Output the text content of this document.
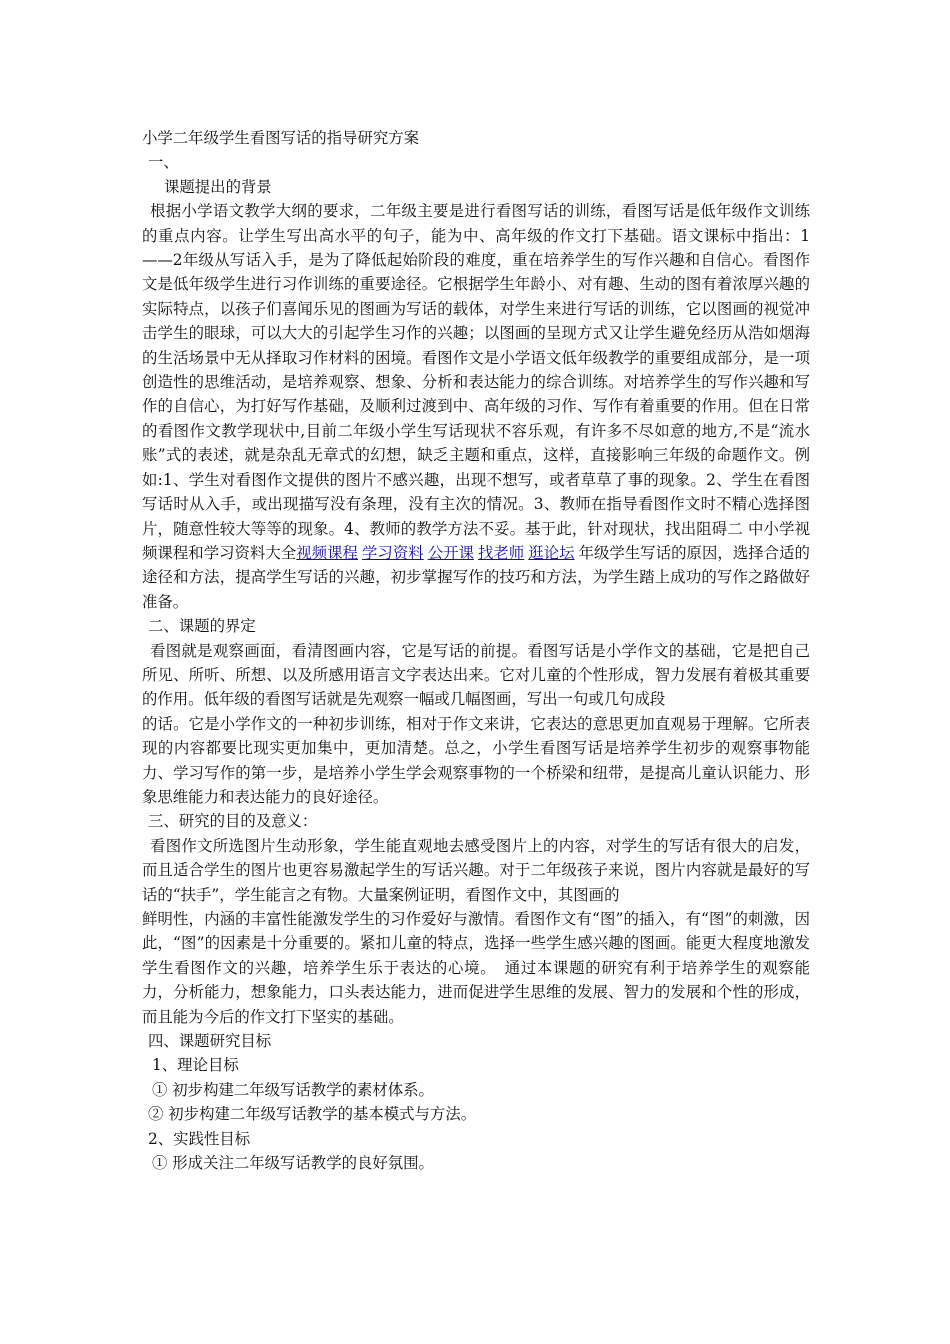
小学二年级学生看图写话的指导研究方案
一、
课题提出的背景

根据小学语文教学大纲的要求，二年级主要是进行看图写话的训练，看图写话是低年级作文训练的重点内容。让学生写出高水平的句子，能为中、高年级的作文打下基础。语文课标中指出：1——2年级从写话入手，是为了降低起始阶段的难度，重在培养学生的写作兴趣和自信心。看图作文是低年级学生进行习作训练的重要途径。它根据学生年龄小、对有趣、生动的图有着浓厚兴趣的实际特点，以孩子们喜闻乐见的图画为写话的载体，对学生来进行写话的训练，它以图画的视觉冲击学生的眼球，可以大大的引起学生习作的兴趣；以图画的呈现方式又让学生避免经历从浩如烟海的生活场景中无从择取习作材料的困境。看图作文是小学语文低年级教学的重要组成部分，是一项创造性的思维活动，是培养观察、想象、分析和表达能力的综合训练。对培养学生的写作兴趣和写作的自信心，为打好写作基础，及顺利过渡到中、高年级的习作、写作有着重要的作用。但在日常的看图作文教学现状中,目前二年级小学生写话现状不容乐观，有许多不尽如意的地方,不是“流水账”式的表述，就是杂乱无章式的幻想，缺乏主题和重点，这样，直接影响三年级的命题作文。例如:1、学生对看图作文提供的图片不感兴趣，出现不想写，或者草草了事的现象。2、学生在看图写话时从入手，或出现描写没有条理，没有主次的情况。3、教师在指导看图作文时不精心选择图片，随意性较大等等的现象。4、教师的教学方法不妥。基于此，针对现状，找出阻碍二 中小学视频课程和学习资料大全视频课程 学习资料 公开课 找老师 逛论坛 年级学生写话的原因，选择合适的途径和方法，提高学生写话的兴趣，初步掌握写作的技巧和方法，为学生踏上成功的写作之路做好准备。

二、课题的界定

看图就是观察画面，看清图画内容，它是写话的前提。看图写话是小学作文的基础，它是把自己所见、所听、所想、以及所感用语言文字表达出来。它对儿童的个性形成，智力发展有着极其重要的作用。低年级的看图写话就是先观察一幅或几幅图画，写出一句或几句成段

的话。它是小学作文的一种初步训练，相对于作文来讲，它表达的意思更加直观易于理解。它所表现的内容都要比现实更加集中，更加清楚。总之，小学生看图写话是培养学生初步的观察事物能力、学习写作的第一步，是培养小学生学会观察事物的一个桥梁和纽带，是提高儿童认识能力、形象思维能力和表达能力的良好途径。

三、研究的目的及意义：

看图作文所选图片生动形象，学生能直观地去感受图片上的内容，对学生的写话有很大的启发，而且适合学生的图片也更容易激起学生的写话兴趣。对于二年级孩子来说，图片内容就是最好的写话的“扶手”，学生能言之有物。大量案例证明，看图作文中，其图画的

鲜明性，内涵的丰富性能激发学生的习作爱好与激情。看图作文有“图”的插入，有“图”的刺激，因此，“图”的因素是十分重要的。紧扣儿童的特点，选择一些学生感兴趣的图画。能更大程度地激发学生看图作文的兴趣，培养学生乐于表达的心境。　通过本课题的研究有利于培养学生的观察能力，分析能力，想象能力，口头表达能力，进而促进学生思维的发展、智力的发展和个性的形成，而且能为今后的作文打下坚实的基础。

四、课题研究目标
1、理论目标
① 初步构建二年级写话教学的素材体系。
② 初步构建二年级写话教学的基本模式与方法。
2、实践性目标
① 形成关注二年级写话教学的良好氛围。
